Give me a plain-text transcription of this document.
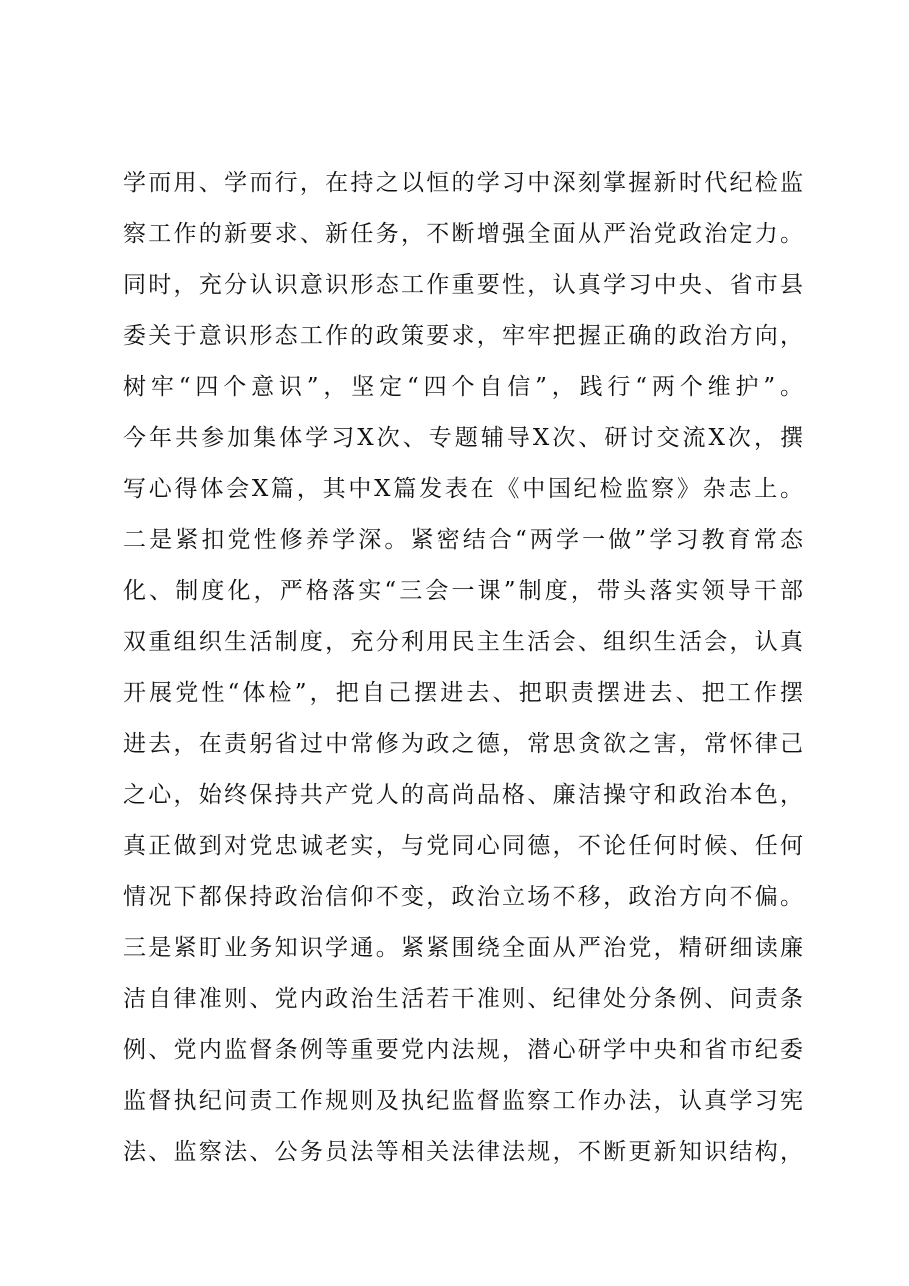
学而用、学而行，在持之以恒的学习中深刻掌握新时代纪检监
察工作的新要求、新任务，不断增强全面从严治党政治定力。
同时，充分认识意识形态工作重要性，认真学习中央、省市县
委关于意识形态工作的政策要求，牢牢把握正确的政治方向，
树牢“四个意识”，坚定“四个自信”，践行“两个维护”。
今年共参加集体学习X次、专题辅导X次、研讨交流X次，撰
写心得体会X篇，其中X篇发表在《中国纪检监察》杂志上。
二是紧扣党性修养学深。紧密结合“两学一做”学习教育常态
化、制度化，严格落实“三会一课”制度，带头落实领导干部
双重组织生活制度，充分利用民主生活会、组织生活会，认真
开展党性“体检”，把自己摆进去、把职责摆进去、把工作摆
进去，在责躬省过中常修为政之德，常思贪欲之害，常怀律己
之心，始终保持共产党人的高尚品格、廉洁操守和政治本色，
真正做到对党忠诚老实，与党同心同德，不论任何时候、任何
情况下都保持政治信仰不变，政治立场不移，政治方向不偏。
三是紧盯业务知识学通。紧紧围绕全面从严治党，精研细读廉
洁自律准则、党内政治生活若干准则、纪律处分条例、问责条
例、党内监督条例等重要党内法规，潜心研学中央和省市纪委
监督执纪问责工作规则及执纪监督监察工作办法，认真学习宪
法、监察法、公务员法等相关法律法规，不断更新知识结构，
